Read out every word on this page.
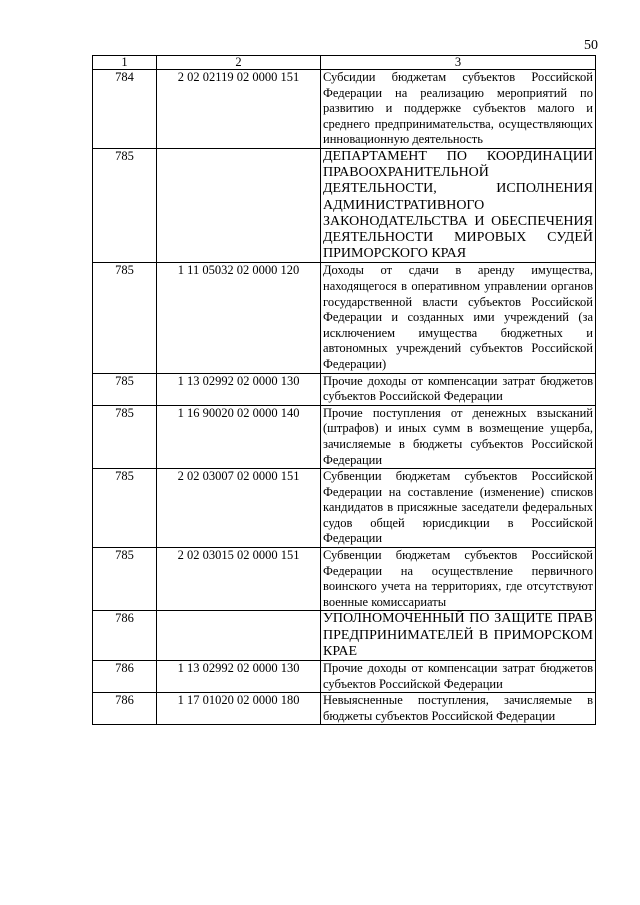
50
1	2	3
784	2 02 02119 02 0000 151	Субсидии бюджетам субъектов Российской Федерации на реализацию мероприятий по развитию и поддержке субъектов малого и среднего предпринимательства, осуществляющих инновационную деятельность
785		ДЕПАРТАМЕНТ ПО КООРДИНАЦИИ ПРАВООХРАНИТЕЛЬНОЙ ДЕЯТЕЛЬНОСТИ, ИСПОЛНЕНИЯ АДМИНИСТРАТИВНОГО ЗАКОНОДАТЕЛЬСТВА И ОБЕСПЕЧЕНИЯ ДЕЯТЕЛЬНОСТИ МИРОВЫХ СУДЕЙ ПРИМОРСКОГО КРАЯ
785	1 11 05032 02 0000 120	Доходы от сдачи в аренду имущества, находящегося в оперативном управлении органов государственной власти субъектов Российской Федерации и созданных ими учреждений (за исключением имущества бюджетных и автономных учреждений субъектов Российской Федерации)
785	1 13 02992 02 0000 130	Прочие доходы от компенсации затрат бюджетов субъектов Российской Федерации
785	1 16 90020 02 0000 140	Прочие поступления от денежных взысканий (штрафов) и иных сумм в возмещение ущерба, зачисляемые в бюджеты субъектов Российской Федерации
785	2 02 03007 02 0000 151	Субвенции бюджетам субъектов Российской Федерации на составление (изменение) списков кандидатов в присяжные заседатели федеральных судов общей юрисдикции в Российской Федерации
785	2 02 03015 02 0000 151	Субвенции бюджетам субъектов Российской Федерации на осуществление первичного воинского учета на территориях, где отсутствуют военные комиссариаты
786		УПОЛНОМОЧЕННЫЙ ПО ЗАЩИТЕ ПРАВ ПРЕДПРИНИМАТЕЛЕЙ В ПРИМОРСКОМ КРАЕ
786	1 13 02992 02 0000 130	Прочие доходы от компенсации затрат бюджетов субъектов Российской Федерации
786	1 17 01020 02 0000 180	Невыясненные поступления, зачисляемые в бюджеты субъектов Российской Федерации
